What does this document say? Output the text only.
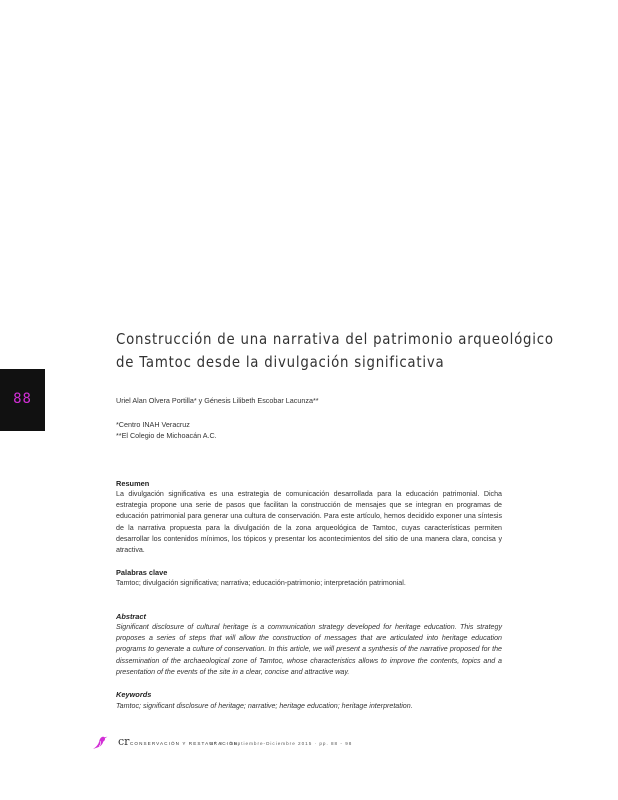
88
Construcción de una narrativa del patrimonio arqueológico
de Tamtoc desde la divulgación significativa
Uriel Alan Olvera Portilla* y Génesis Lilibeth Escobar Lacunza**
*Centro INAH Veracruz
**El Colegio de Michoacán A.C.
Resumen

La divulgación significativa es una estrategia de comunicación desarrollada para la educación patrimonial. Dicha estrategia propone una serie de pasos que facilitan la construcción de mensajes que se integran en programas de educación patrimonial para generar una cultura de conservación. Para este artículo, hemos decidido exponer una síntesis de la narrativa propuesta para la divulgación de la zona arqueológica de Tamtoc, cuyas características permiten desarrollar los contenidos mínimos, los tópicos y presentar los acontecimientos del sitio de una manera clara, concisa y atractiva.

Palabras clave

Tamtoc; divulgación significativa; narrativa; educación-patrimonio; interpretación patrimonial.

Abstract

Significant disclosure of cultural heritage is a communication strategy developed for heritage education. This strategy proposes a series of steps that will allow the construction of messages that are articulated into heritage education programs to generate a culture of conservation. In this article, we will present a synthesis of the narrative proposed for the dissemination of the archaeological zone of Tamtoc, whose characteristics allows to improve the contents, topics and a presentation of the events of the site in a clear, concise and attractive way.

Keywords

Tamtoc; significant disclosure of heritage; narrative; heritage education; heritage interpretation.

cr CONSERVACIÓN Y RESTAURACIÓN
N° 8 · Septiembre-Diciembre 2015 · pp. 88 - 98
